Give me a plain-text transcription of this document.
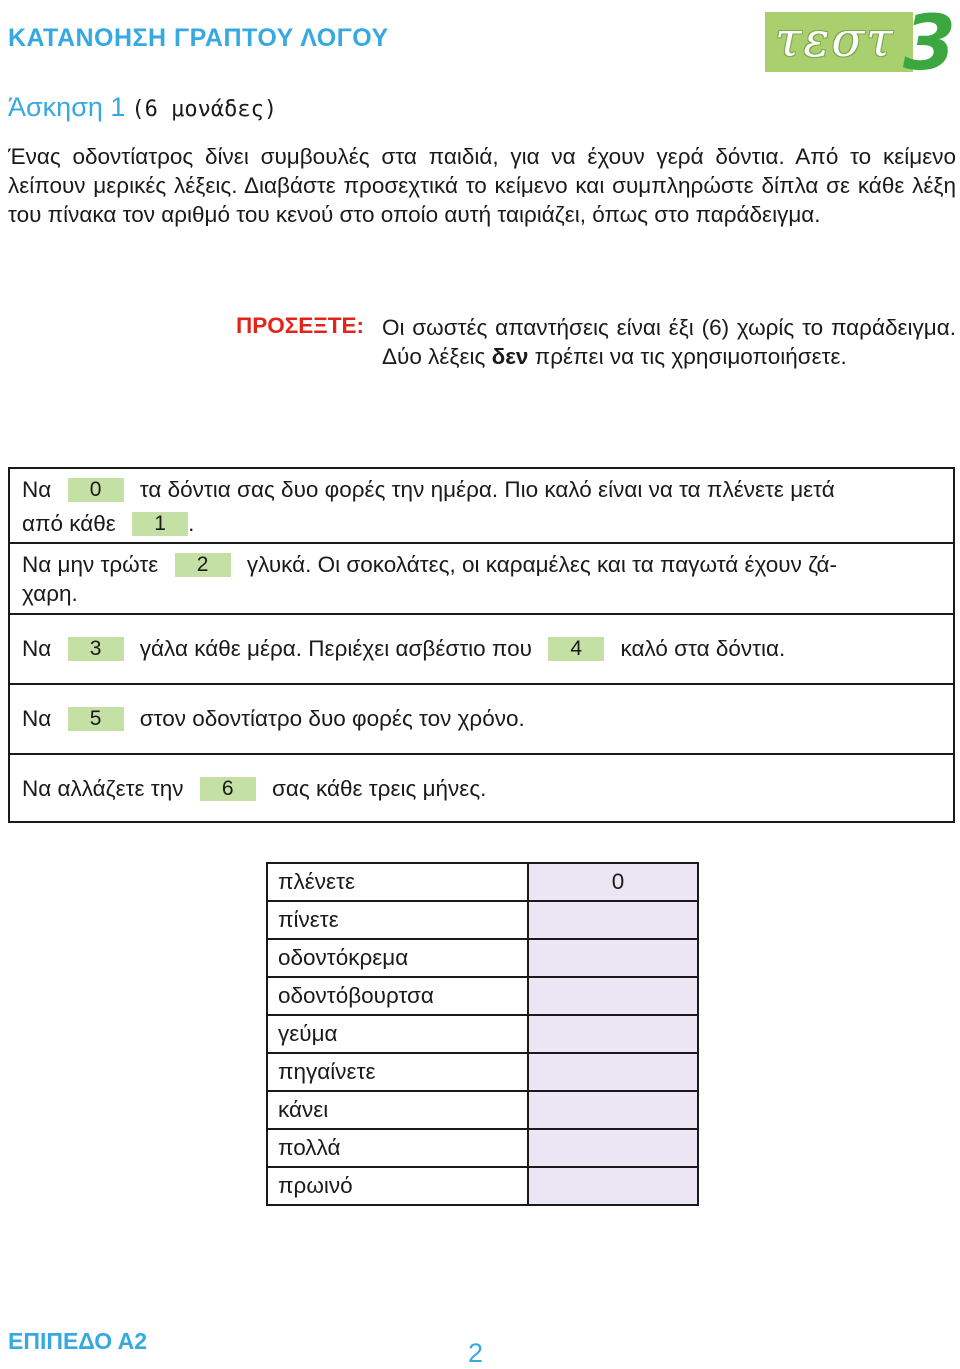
ΚΑΤΑΝΟΗΣΗ ΓΡΑΠΤΟΥ ΛΟΓΟΥ	τεστ 3
Άσκηση 1 (6 μονάδες)

Ένας οδοντίατρος δίνει συμβουλές στα παιδιά, για να έχουν γερά δόντια. Από το κείμενο λείπουν μερικές λέξεις. Διαβάστε προσεχτικά το κείμενο και συμπληρώστε δίπλα σε κάθε λέξη του πίνακα τον αριθμό του κενού στο οποίο αυτή ταιριάζει, όπως στο παράδειγμα.

ΠΡΟΣΕΞΤΕ: Οι σωστές απαντήσεις είναι έξι (6) χωρίς το παράδειγμα. Δύο λέξεις δεν πρέπει να τις χρησιμοποιήσετε.

Να 0 τα δόντια σας δυο φορές την ημέρα. Πιο καλό είναι να τα πλένετε μετά
από κάθε 1 .
Να μην τρώτε 2 γλυκά. Οι σοκολάτες, οι καραμέλες και τα παγωτά έχουν ζά-
χαρη.
Να 3 γάλα κάθε μέρα. Περιέχει ασβέστιο που 4 καλό στα δόντια.
Να 5 στον οδοντίατρο δυο φορές τον χρόνο.
Να αλλάζετε την 6 σας κάθε τρεις μήνες.
πλένετε	0
πίνετε	
οδοντόκρεμα	
οδοντόβουρτσα	
γεύμα	
πηγαίνετε	
κάνει	
πολλά	
πρωινό	
ΕΠΙΠΕΔΟ Α2	2
